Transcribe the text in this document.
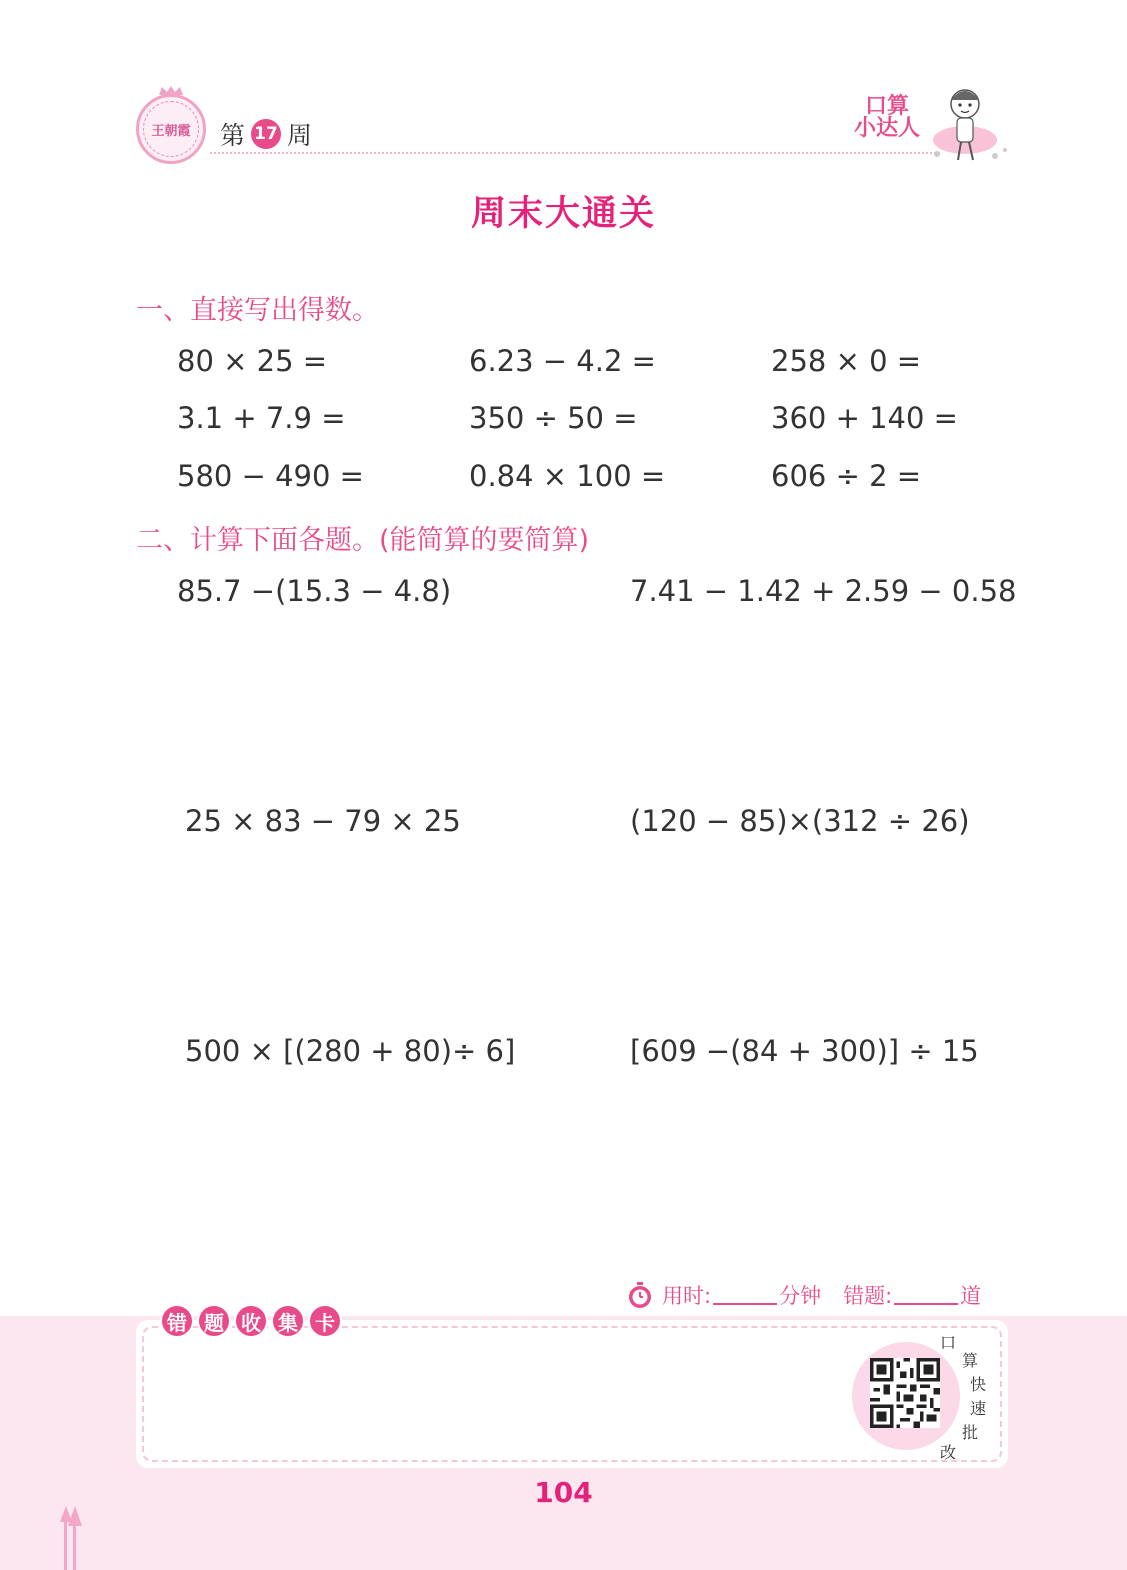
王朝霞	第 17 周
口算
小达人
周末大通关
一、直接写出得数。
80 × 25 =	6.23 − 4.2 =	258 × 0 =
3.1 + 7.9 =	350 ÷ 50 =	360 + 140 =
580 − 490 =	0.84 × 100 =	606 ÷ 2 =
二、计算下面各题。(能简算的要简算)
85.7 −(15.3 − 4.8)	7.41 − 1.42 + 2.59 − 0.58
25 × 83 − 79 × 25	(120 − 85)×(312 ÷ 26)
500 × [(280 + 80)÷ 6]	[609 −(84 + 300)] ÷ 15
用时:	分钟 错题:	道
错 题 收 集 卡
口
算
快
速
批
改
104
